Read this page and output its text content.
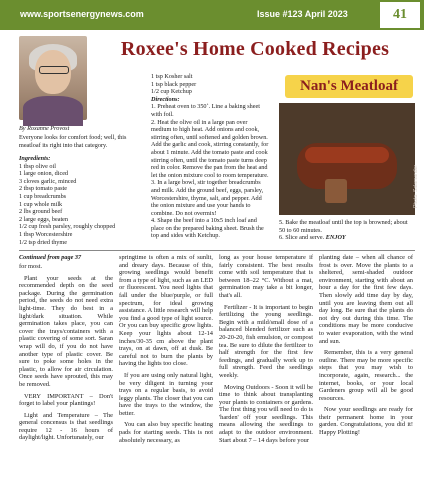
www.sportsenergynews.com	Issue #123 April 2023	41
Roxee's Home Cooked Recipes
By Roxanne Provost
Everyone looks for comfort food; well, this meatloaf its right into that category.
Ingredients:
1 tbsp olive oil
1 large onion, diced
3 cloves garlic, minced
2 tbsp tomato paste
1 cup breadcrumbs
1 cup whole milk
2 lbs ground beef
2 large eggs, beaten
1/2 cup fresh parsley, roughly chopped
1 tbsp Worcestershire
1/2 tsp dried thyme
1 tsp Kosher salt
1 tsp black pepper
1/2 cup Ketchup
Directions:
1. Preheat oven to 350˚. Line a baking sheet with foil.
2. Heat the olive oil in a large pan over medium to high heat. Add onions and cook, stirring often, until softened and golden brown. Add the garlic and cook, stirring constantly, for about 1 minute. Add the tomato paste and cook stirring often, until the tomato paste turns deep red in color. Remove the pan from the heat and let the onion mixture cool to room temperature.
3. In a large bowl, stir together breadcrumbs and milk. Add the ground beef, eggs, parsley, Worcestershire, thyme, salt, and pepper. Add the onion mixture and use your hands to combine. Do not overmix!
4. Shape the beef into a 10x5 inch loaf and place on the prepared baking sheet. Brush the top and sides with Ketchup.
Nan's Meatloaf
Photo: Salamander
5. Bake the meatloaf until the top is browned; about 50 to 60 minutes.
6. Slice and serve. ENJOY
Continued from page 37

for most.

Plant your seeds at the recommended depth on the seed package. During the germination period, the seeds do not need extra light-time. They do best in a light/dark situation. While germination takes place, you can cover the trays/containers with a plastic covering of some sort. Saran wrap will do, if you do not have another type of plastic cover. Be sure to poke some holes in the plastic, to allow for air circulation. Once seeds have sprouted, this may be removed.

VERY IMPORTANT – Don't forget to label your plantings!

Light and Temperature – The general concensus is that seedlings require 12 - 16 hours of daylight/light. Unfortunately, our

springtime is often a mix of sunlit, and dreary days. Because of this, growing seedlings would benefit from a type of light, such as an LED or fluorescent. You need lights that fall under the blue/purple, or full spectrum, for ideal growing assistance. A little research will help you find a good type of light source. Or you can buy specific grow lights. Keep your lights about 12-14 inches/30-35 cm above the plant trays, on at dawn, off at dusk. Be careful not to burn the plants by having the lights too close.

If you are using only natural light, be very diligent in turning your trays on a regular basis, to avoid leggy plants. The closer that you can have the trays to the window, the better.

You can also buy specific heating pads for starting seeds. This is not absolutely necessary, as

long as your house temperature if fairly consistent. The best results come with soil temperature that is between 18–22 °C. Without a mat, germination may take a bit longer, that's all.

Fertilizer - It is important to begin fertilizing the young seedlings. Begin with a mild/small dose of a balanced blended fertilizer such as 20-20-20, fish emulsion, or compost tea. Be sure to dilute the fertilizer to half strength for the first few feedings, and gradually work up to full strength. Feed the seedlings weekly.

Moving Outdoors - Soon it will be time to think about transplanting your plants to containers or gardens. The first thing you will need to do is 'harden' off your seedlings. This means allowing the seedlings to adapt to the outdoor environment. Start about 7 – 14 days before your

planting date – when all chance of frost is over. Move the plants to a sheltered, semi-shaded outdoor environment, starting with about an hour a day for the first few days. Then slowly add time day by day, until you are leaving them out all day long. Be sure that the plants do not dry out during this time. The conditions may be more conducive to water evaporation, with the wind and sun.

Remember, this is a very general outline. There may be more specific steps that you may wish to incorporate, again, research... the internet, books, or your local Gardeners group will all be good resources.

Now your seedlings are ready for their permanent home in your garden. Congratulations, you did it! Happy Plotting!
